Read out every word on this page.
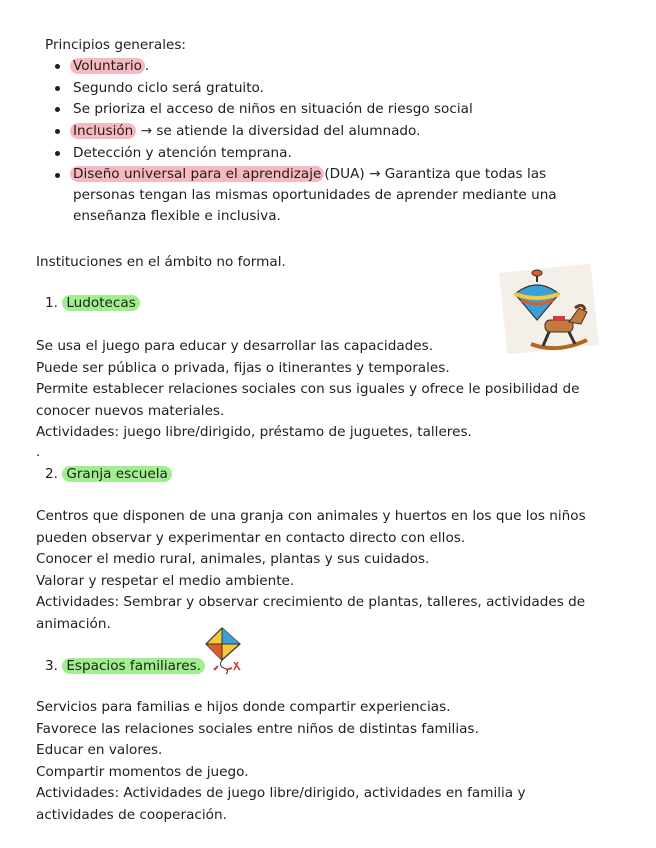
Principios generales:
Voluntario .
Segundo ciclo será gratuito.
Se prioriza el acceso de niños en situación de riesgo social
Inclusión → se atiende la diversidad del alumnado.
Detección y atención temprana.
Diseño universal para el aprendizaje (DUA) → Garantiza que todas las
personas tengan las mismas oportunidades de aprender mediante una
enseñanza flexible e inclusiva.
Instituciones en el ámbito no formal.
1. Ludotecas
Se usa el juego para educar y desarrollar las capacidades.
Puede ser pública o privada, fijas o itinerantes y temporales.
Permite establecer relaciones sociales con sus iguales y ofrece le posibilidad de
conocer nuevos materiales.
Actividades: juego libre/dirigido, préstamo de juguetes, talleres.
.
2. Granja escuela
Centros que disponen de una granja con animales y huertos en los que los niños
pueden observar y experimentar en contacto directo con ellos.
Conocer el medio rural, animales, plantas y sus cuidados.
Valorar y respetar el medio ambiente.
Actividades: Sembrar y observar crecimiento de plantas, talleres, actividades de
animación.
3. Espacios familiares.
Servicios para familias e hijos donde compartir experiencias.
Favorece las relaciones sociales entre niños de distintas familias.
Educar en valores.
Compartir momentos de juego.
Actividades: Actividades de juego libre/dirigido, actividades en familia y
actividades de cooperación.
